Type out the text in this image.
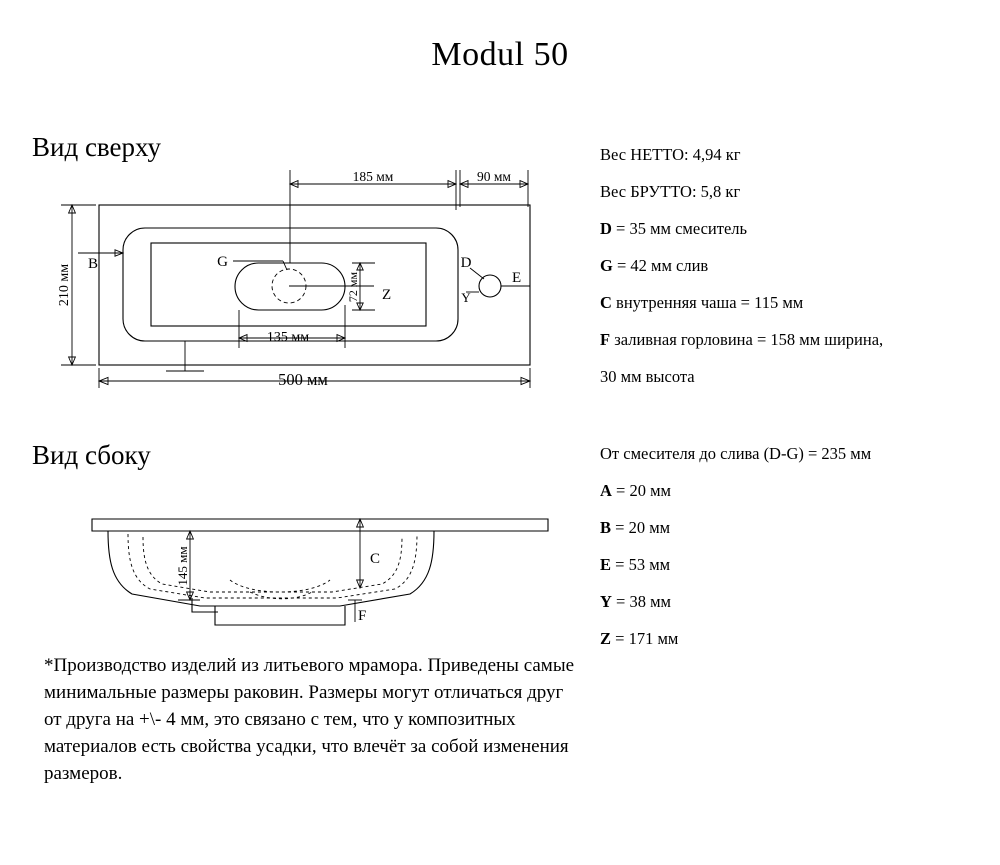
Modul 50
Вид сверху
Вид сбоку
185 мм	90 мм
210 мм
500 мм
135 мм
72 мм
B	G	D
E
Y
Z
145 мм	C
F
*Производство изделий из литьевого мрамора. Приведены самые минимальные размеры раковин. Размеры могут отличаться друг от друга на +\- 4 мм, это связано с тем, что у композитных материалов есть свойства усадки, что влечёт за собой изменения размеров.
Вес НЕТТО: 4,94 кг
Вес БРУТТО: 5,8 кг
D = 35 мм смеситель
G = 42 мм слив
C внутренняя чаша = 115 мм
F заливная горловина = 158 мм ширина,
30 мм высота
От смесителя до слива (D-G) = 235 мм
A = 20 мм
B = 20 мм
E = 53 мм
Y = 38 мм
Z = 171 мм
